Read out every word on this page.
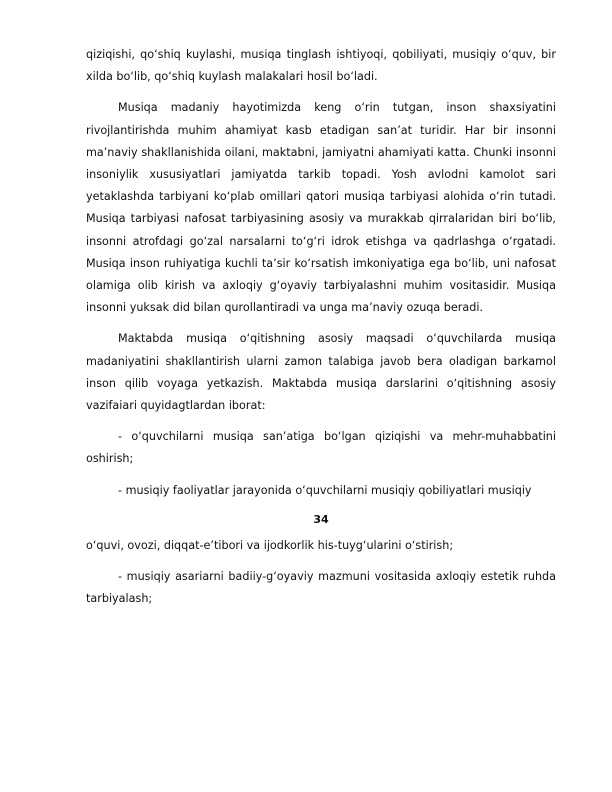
qiziqishi, qo‘shiq kuylashi, musiqa tinglash ishtiyoqi, qobiliyati, musiqiy o‘quv, bir xilda bo‘lib, qo‘shiq kuylash malakalari hosil bo‘ladi.

Musiqa madaniy hayotimizda keng o‘rin tutgan, inson shaxsiyatini rivojlantirishda muhim ahamiyat kasb etadigan san’at turidir. Har bir insonni ma’naviy shakllanishida oilani, maktabni, jamiyatni ahamiyati katta. Chunki insonni insoniylik xususiyatlari jamiyatda tarkib topadi. Yosh avlodni kamolot sari yetaklashda tarbiyani ko‘plab omillari qatori musiqa tarbiyasi alohida o‘rin tutadi. Musiqa tarbiyasi nafosat tarbiyasining asosiy va murakkab qirralaridan biri bo‘lib, insonni atrofdagi go‘zal narsalarni to‘g‘ri idrok etishga va qadrlashga o‘rgatadi. Musiqa inson ruhiyatiga kuchli ta’sir ko‘rsatish imkoniyatiga ega bo‘lib, uni nafosat olamiga olib kirish va axloqiy g‘oyaviy tarbiyalashni muhim vositasidir. Musiqa insonni yuksak did bilan qurollantiradi va unga ma’naviy ozuqa beradi.

Maktabda musiqa o‘qitishning asosiy maqsadi o‘quvchilarda musiqa madaniyatini shakllantirish ularni zamon talabiga javob bera oladigan barkamol inson qilib voyaga yetkazish. Maktabda musiqa darslarini o‘qitishning asosiy vazifaiari quyidagtlardan iborat:

- o‘quvchilarni musiqa san’atiga bo‘lgan qiziqishi va mehr-muhabbatini oshirish;

- musiqiy faoliyatlar jarayonida o‘quvchilarni musiqiy qobiliyatlari musiqiy

34

o‘quvi, ovozi, diqqat-e’tibori va ijodkorlik his-tuyg‘ularini o‘stirish;

- musiqiy asariarni badiiy-g‘oyaviy mazmuni vositasida axloqiy estetik ruhda tarbiyalash;
